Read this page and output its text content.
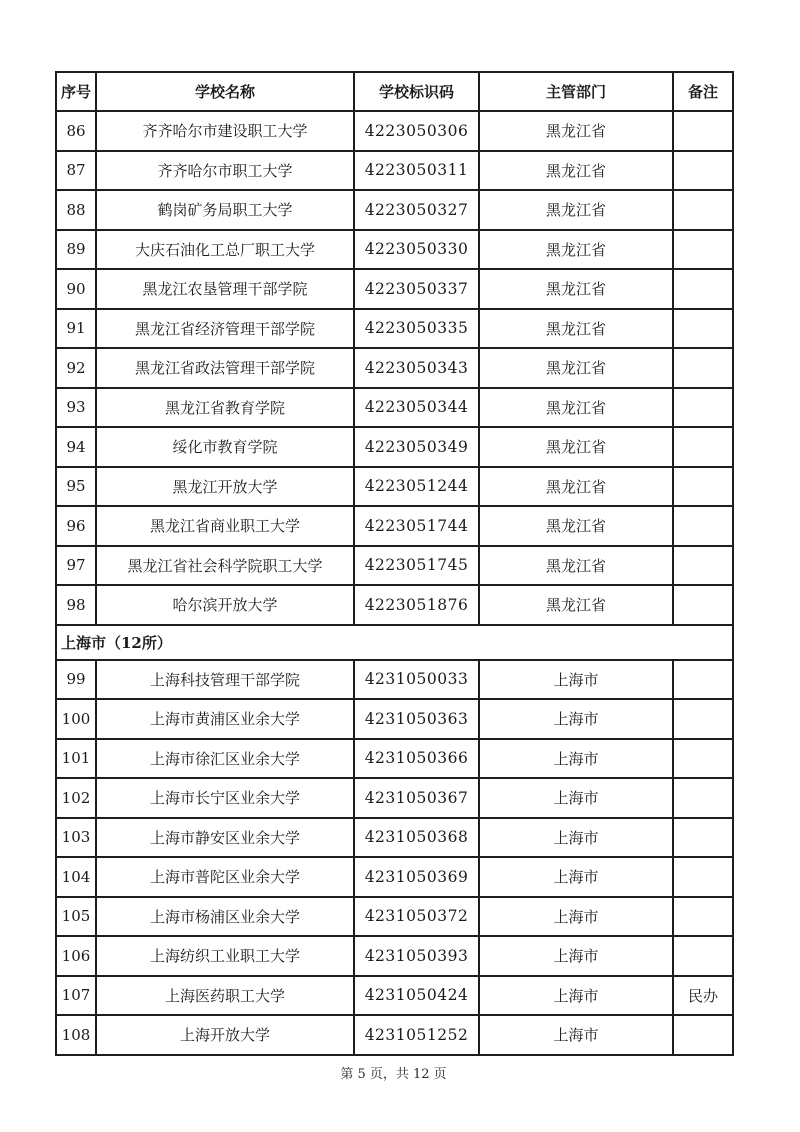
序号	学校名称	学校标识码	主管部门	备注
86	齐齐哈尔市建设职工大学	4223050306	黑龙江省	
87	齐齐哈尔市职工大学	4223050311	黑龙江省	
88	鹤岗矿务局职工大学	4223050327	黑龙江省	
89	大庆石油化工总厂职工大学	4223050330	黑龙江省	
90	黑龙江农垦管理干部学院	4223050337	黑龙江省	
91	黑龙江省经济管理干部学院	4223050335	黑龙江省	
92	黑龙江省政法管理干部学院	4223050343	黑龙江省	
93	黑龙江省教育学院	4223050344	黑龙江省	
94	绥化市教育学院	4223050349	黑龙江省	
95	黑龙江开放大学	4223051244	黑龙江省	
96	黑龙江省商业职工大学	4223051744	黑龙江省	
97	黑龙江省社会科学院职工大学	4223051745	黑龙江省	
98	哈尔滨开放大学	4223051876	黑龙江省	
上海市（12所）				
99	上海科技管理干部学院	4231050033	上海市	
100	上海市黄浦区业余大学	4231050363	上海市	
101	上海市徐汇区业余大学	4231050366	上海市	
102	上海市长宁区业余大学	4231050367	上海市	
103	上海市静安区业余大学	4231050368	上海市	
104	上海市普陀区业余大学	4231050369	上海市	
105	上海市杨浦区业余大学	4231050372	上海市	
106	上海纺织工业职工大学	4231050393	上海市	
107	上海医药职工大学	4231050424	上海市	民办
108	上海开放大学	4231051252	上海市	
第 5 页，共 12 页
